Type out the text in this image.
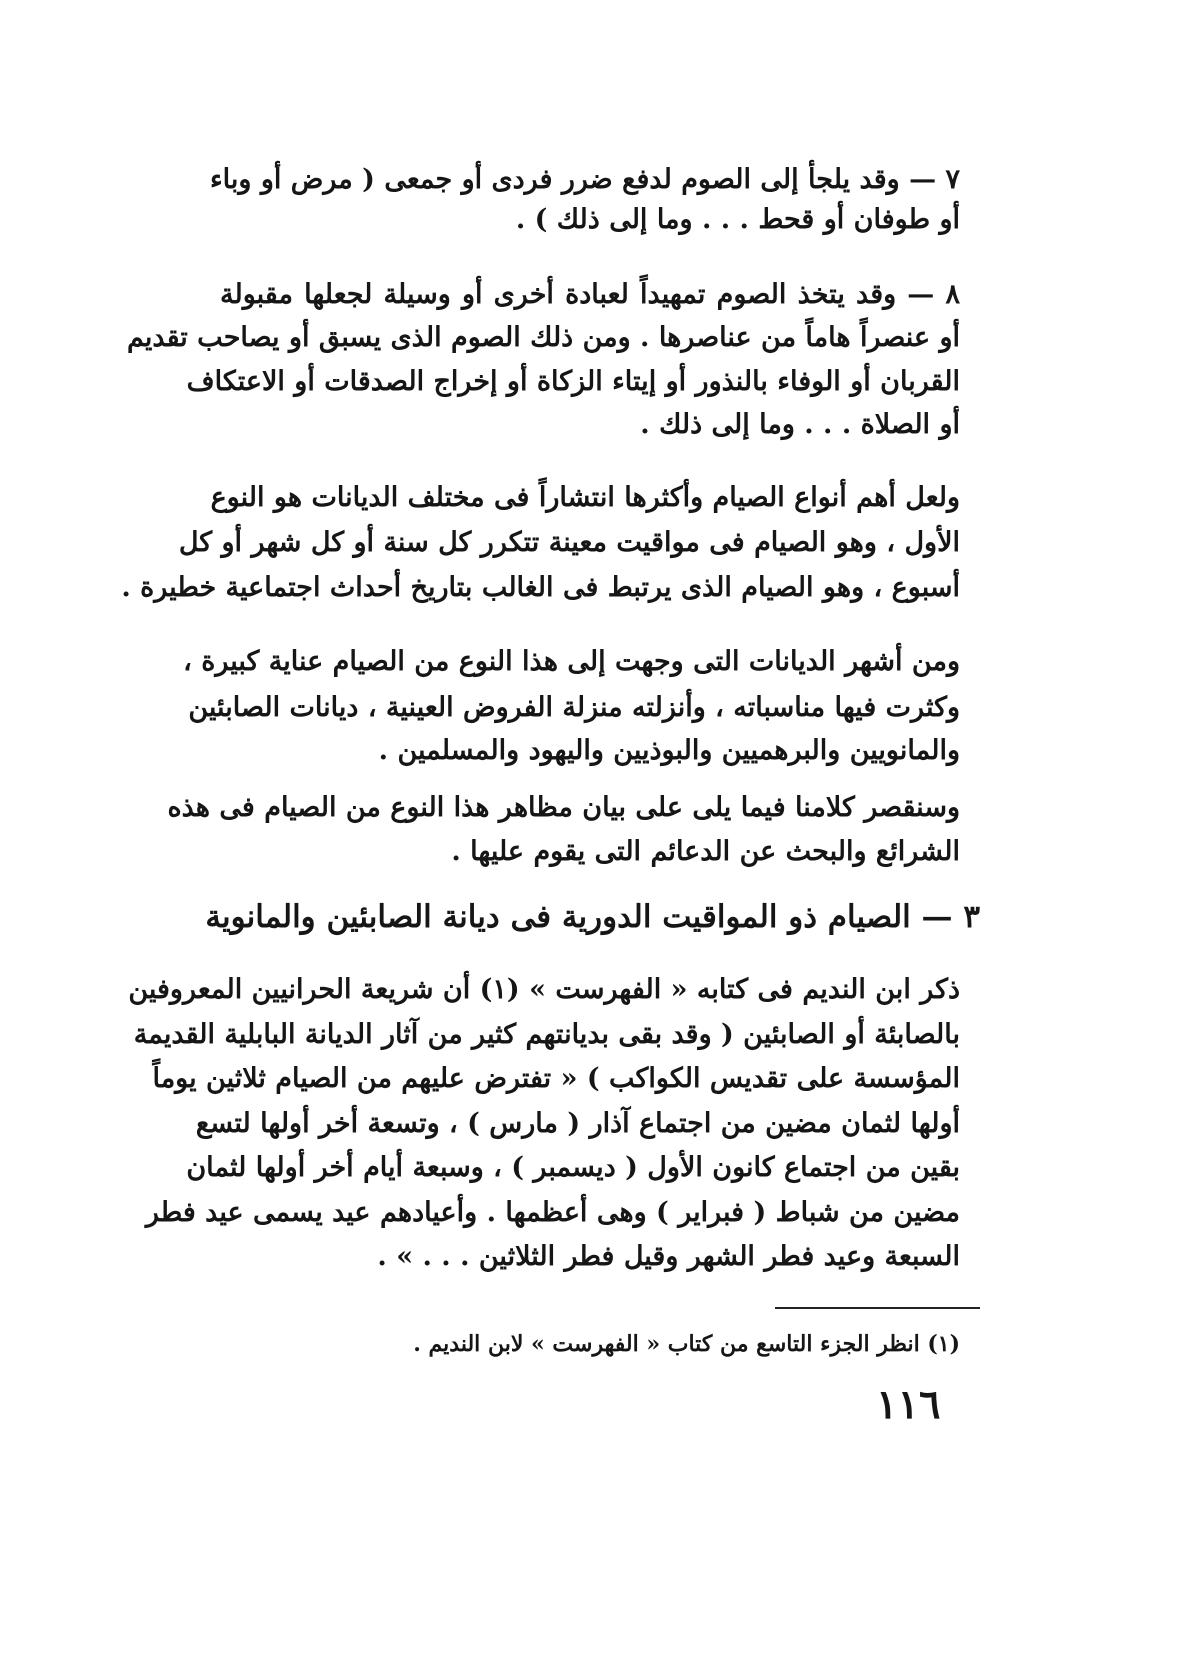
٧ — وقد يلجأ إلى الصوم لدفع ضرر فردى أو جمعى ( مرض أو وباء
أو طوفان أو قحط . . . وما إلى ذلك ) .
٨ — وقد يتخذ الصوم تمهيداً لعبادة أخرى أو وسيلة لجعلها مقبولة
أو عنصراً هاماً من عناصرها . ومن ذلك الصوم الذى يسبق أو يصاحب تقديم
القربان أو الوفاء بالنذور أو إيتاء الزكاة أو إخراج الصدقات أو الاعتكاف
أو الصلاة . . . وما إلى ذلك .
ولعل أهم أنواع الصيام وأكثرها انتشاراً فى مختلف الديانات هو النوع
الأول ، وهو الصيام فى مواقيت معينة تتكرر كل سنة أو كل شهر أو كل
أسبوع ، وهو الصيام الذى يرتبط فى الغالب بتاريخ أحداث اجتماعية خطيرة .
ومن أشهر الديانات التى وجهت إلى هذا النوع من الصيام عناية كبيرة ،
وكثرت فيها مناسباته ، وأنزلته منزلة الفروض العينية ، ديانات الصابئين
والمانويين والبرهميين والبوذيين واليهود والمسلمين .
وسنقصر كلامنا فيما يلى على بيان مظاهر هذا النوع من الصيام فى هذه
الشرائع والبحث عن الدعائم التى يقوم عليها .
٣ — الصيام ذو المواقيت الدورية فى ديانة الصابئين والمانوية
ذكر ابن النديم فى كتابه « الفهرست » (١) أن شريعة الحرانيين المعروفين
بالصابئة أو الصابئين ( وقد بقى بديانتهم كثير من آثار الديانة البابلية القديمة
المؤسسة على تقديس الكواكب ) « تفترض عليهم من الصيام ثلاثين يوماً
أولها لثمان مضين من اجتماع آذار ( مارس ) ، وتسعة أخر أولها لتسع
بقين من اجتماع كانون الأول ( ديسمبر ) ، وسبعة أيام أخر أولها لثمان
مضين من شباط ( فبراير ) وهى أعظمها . وأعيادهم عيد يسمى عيد فطر
السبعة وعيد فطر الشهر وقيل فطر الثلاثين . . . » .
(١) انظر الجزء التاسع من كتاب « الفهرست » لابن النديم .
١١٦
